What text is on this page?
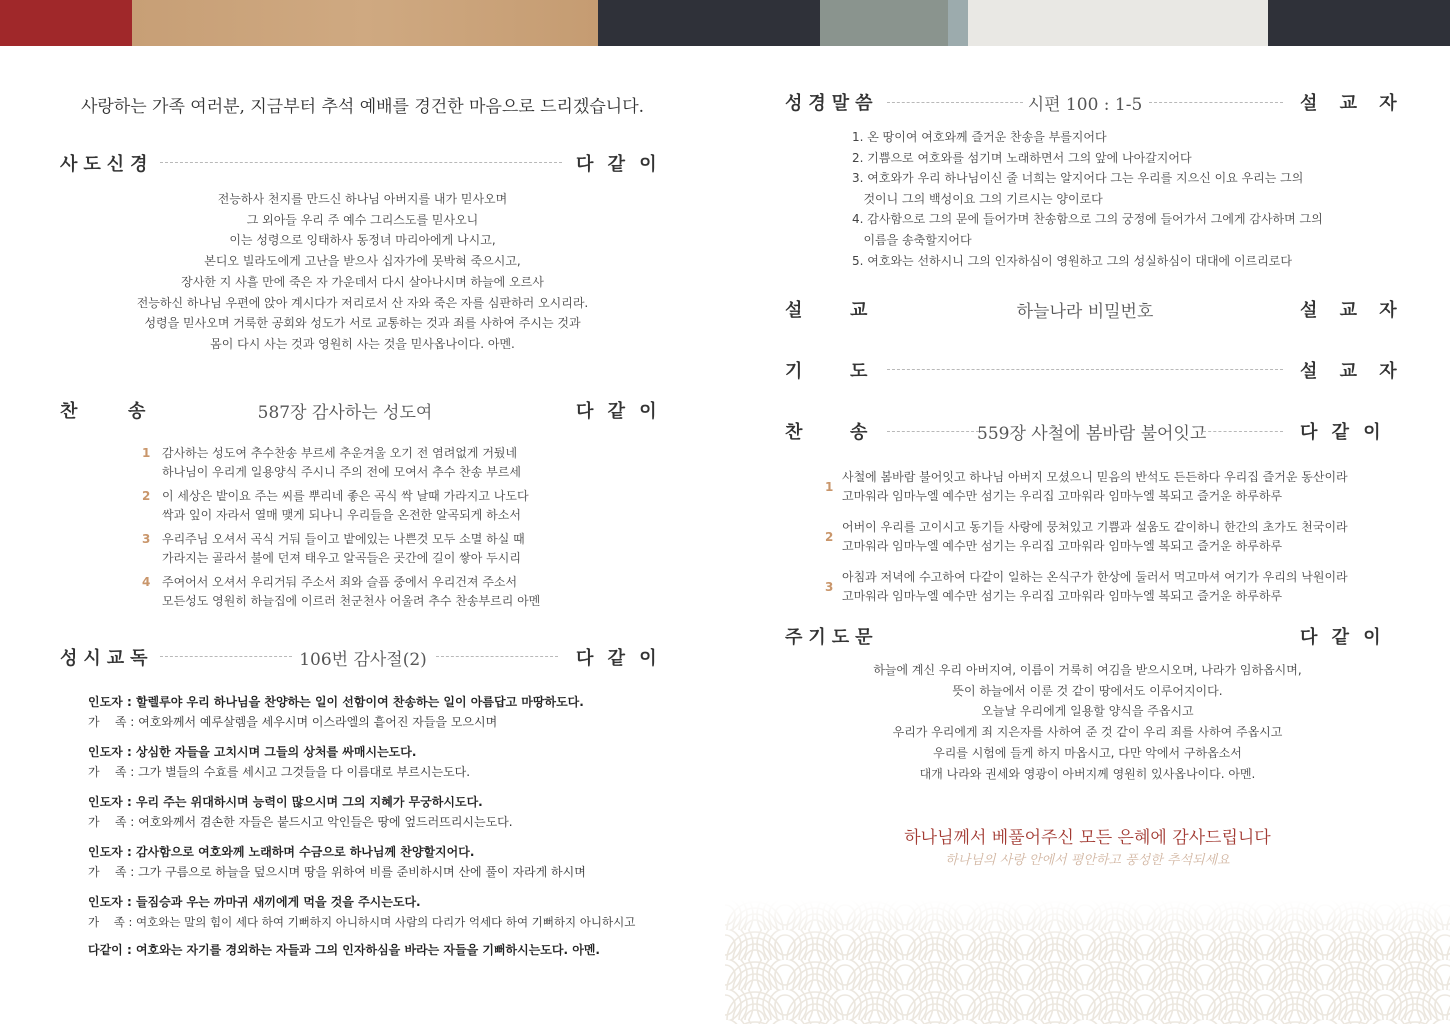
사랑하는 가족 여러분, 지금부터 추석 예배를 경건한 마음으로 드리겠습니다.
사도신경	다 같 이
전능하사 천지를 만드신 하나님 아버지를 내가 믿사오며
그 외아들 우리 주 예수 그리스도를 믿사오니
이는 성령으로 잉태하사 동정녀 마리아에게 나시고,
본디오 빌라도에게 고난을 받으사 십자가에 못박혀 죽으시고,
장사한 지 사흘 만에 죽은 자 가운데서 다시 살아나시며 하늘에 오르사
전능하신 하나님 우편에 앉아 계시다가 저리로서 산 자와 죽은 자를 심판하러 오시리라.
성령을 믿사오며 거룩한 공회와 성도가 서로 교통하는 것과 죄를 사하여 주시는 것과
몸이 다시 사는 것과 영원히 사는 것을 믿사옵나이다. 아멘.
찬	송	587장 감사하는 성도여	다 같 이
1 감사하는 성도여 추수찬송 부르세 추운겨울 오기 전 염려없게 거뒀네
하나님이 우리게 일용양식 주시니 주의 전에 모여서 추수 찬송 부르세
2 이 세상은 밭이요 주는 씨를 뿌리네 좋은 곡식 싹 날때 가라지고 나도다
싹과 잎이 자라서 열매 맺게 되나니 우리들을 온전한 알곡되게 하소서
3 우리주님 오셔서 곡식 거둬 들이고 밭에있는 나쁜것 모두 소멸 하실 때
가라지는 골라서 불에 던져 태우고 알곡들은 곳간에 길이 쌓아 두시리
4 주여어서 오셔서 우리거둬 주소서 죄와 슬픔 중에서 우리건져 주소서
모든성도 영원히 하늘집에 이르러 천군천사 어울려 추수 찬송부르리 아멘
성시교독	106번 감사절(2)	다 같 이
인도자 : 할렐루야 우리 하나님을 찬양하는 일이 선함이여 찬송하는 일이 아름답고 마땅하도다.
가    족 : 여호와께서 예루살렘을 세우시며 이스라엘의 흩어진 자들을 모으시며
인도자 : 상심한 자들을 고치시며 그들의 상처를 싸매시는도다.
가    족 : 그가 별들의 수효를 세시고 그것들을 다 이름대로 부르시는도다.
인도자 : 우리 주는 위대하시며 능력이 많으시며 그의 지혜가 무궁하시도다.
가    족 : 여호와께서 겸손한 자들은 붙드시고 악인들은 땅에 엎드러뜨리시는도다.
인도자 : 감사함으로 여호와께 노래하며 수금으로 하나님께 찬양할지어다.
가    족 : 그가 구름으로 하늘을 덮으시며 땅을 위하여 비를 준비하시며 산에 풀이 자라게 하시며
인도자 : 들짐승과 우는 까마귀 새끼에게 먹을 것을 주시는도다.
가    족 : 여호와는 말의 힘이 세다 하여 기뻐하지 아니하시며 사람의 다리가 억세다 하여 기뻐하지 아니하시고
다같이 : 여호와는 자기를 경외하는 자들과 그의 인자하심을 바라는 자들을 기뻐하시는도다. 아멘.
성경말씀	시편 100 : 1-5	설 교 자
1. 온 땅이여 여호와께 즐거운 찬송을 부를지어다
2. 기쁨으로 여호와를 섬기며 노래하면서 그의 앞에 나아갈지어다
3. 여호와가 우리 하나님이신 줄 너희는 알지어다 그는 우리를 지으신 이요 우리는 그의
것이니 그의 백성이요 그의 기르시는 양이로다
4. 감사함으로 그의 문에 들어가며 찬송함으로 그의 궁정에 들어가서 그에게 감사하며 그의
이름을 송축할지어다
5. 여호와는 선하시니 그의 인자하심이 영원하고 그의 성실하심이 대대에 이르리로다
설	교	하늘나라 비밀번호	설 교 자
기	도	설 교 자
찬	송	559장 사철에 봄바람 불어잇고	다 같 이
1
사철에 봄바람 불어잇고 하나님 아버지 모셨으니 믿음의 반석도 든든하다 우리집 즐거운 동산이라
고마워라 임마누엘 예수만 섬기는 우리집 고마워라 임마누엘 복되고 즐거운 하루하루
2
어버이 우리를 고이시고 동기들 사랑에 뭉쳐있고 기쁨과 설움도 같이하니 한간의 초가도 천국이라
고마워라 임마누엘 예수만 섬기는 우리집 고마워라 임마누엘 복되고 즐거운 하루하루
3
아침과 저녁에 수고하여 다같이 일하는 온식구가 한상에 둘러서 먹고마셔 여기가 우리의 낙원이라
고마워라 임마누엘 예수만 섬기는 우리집 고마워라 임마누엘 복되고 즐거운 하루하루
주기도문	다 같 이
하늘에 계신 우리 아버지여, 이름이 거룩히 여김을 받으시오며, 나라가 임하옵시며,
뜻이 하늘에서 이룬 것 같이 땅에서도 이루어지이다.
오늘날 우리에게 일용할 양식을 주옵시고
우리가 우리에게 죄 지은자를 사하여 준 것 같이 우리 죄를 사하여 주옵시고
우리를 시험에 들게 하지 마옵시고, 다만 악에서 구하옵소서
대개 나라와 권세와 영광이 아버지께 영원히 있사옵나이다. 아멘.
하나님께서 베풀어주신 모든 은혜에 감사드립니다
하나님의 사랑 안에서 평안하고 풍성한 추석되세요
